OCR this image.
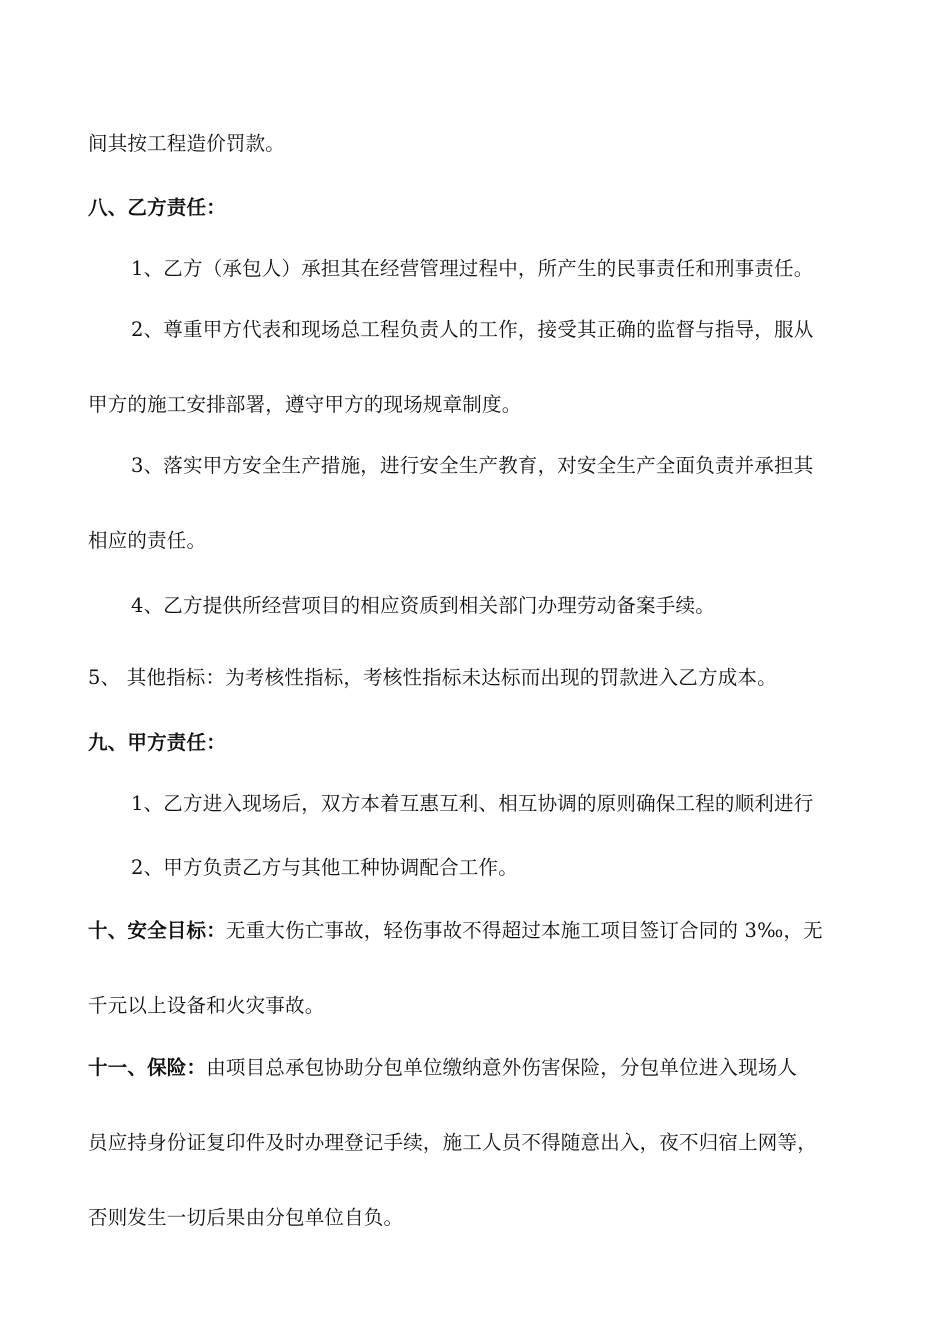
间其按工程造价罚款。
八、乙方责任：
1、乙方（承包人）承担其在经营管理过程中，所产生的民事责任和刑事责任。
2、尊重甲方代表和现场总工程负责人的工作，接受其正确的监督与指导，服从
甲方的施工安排部署，遵守甲方的现场规章制度。
3、落实甲方安全生产措施，进行安全生产教育，对安全生产全面负责并承担其
相应的责任。
4、乙方提供所经营项目的相应资质到相关部门办理劳动备案手续。
5、 其他指标：为考核性指标，考核性指标未达标而出现的罚款进入乙方成本。
九、甲方责任：
1、乙方进入现场后，双方本着互惠互利、相互协调的原则确保工程的顺利进行
2、甲方负责乙方与其他工种协调配合工作。
十、安全目标：无重大伤亡事故，轻伤事故不得超过本施工项目签订合同的 3‰，无
千元以上设备和火灾事故。
十一、保险：由项目总承包协助分包单位缴纳意外伤害保险，分包单位进入现场人
员应持身份证复印件及时办理登记手续，施工人员不得随意出入，夜不归宿上网等，
否则发生一切后果由分包单位自负。
